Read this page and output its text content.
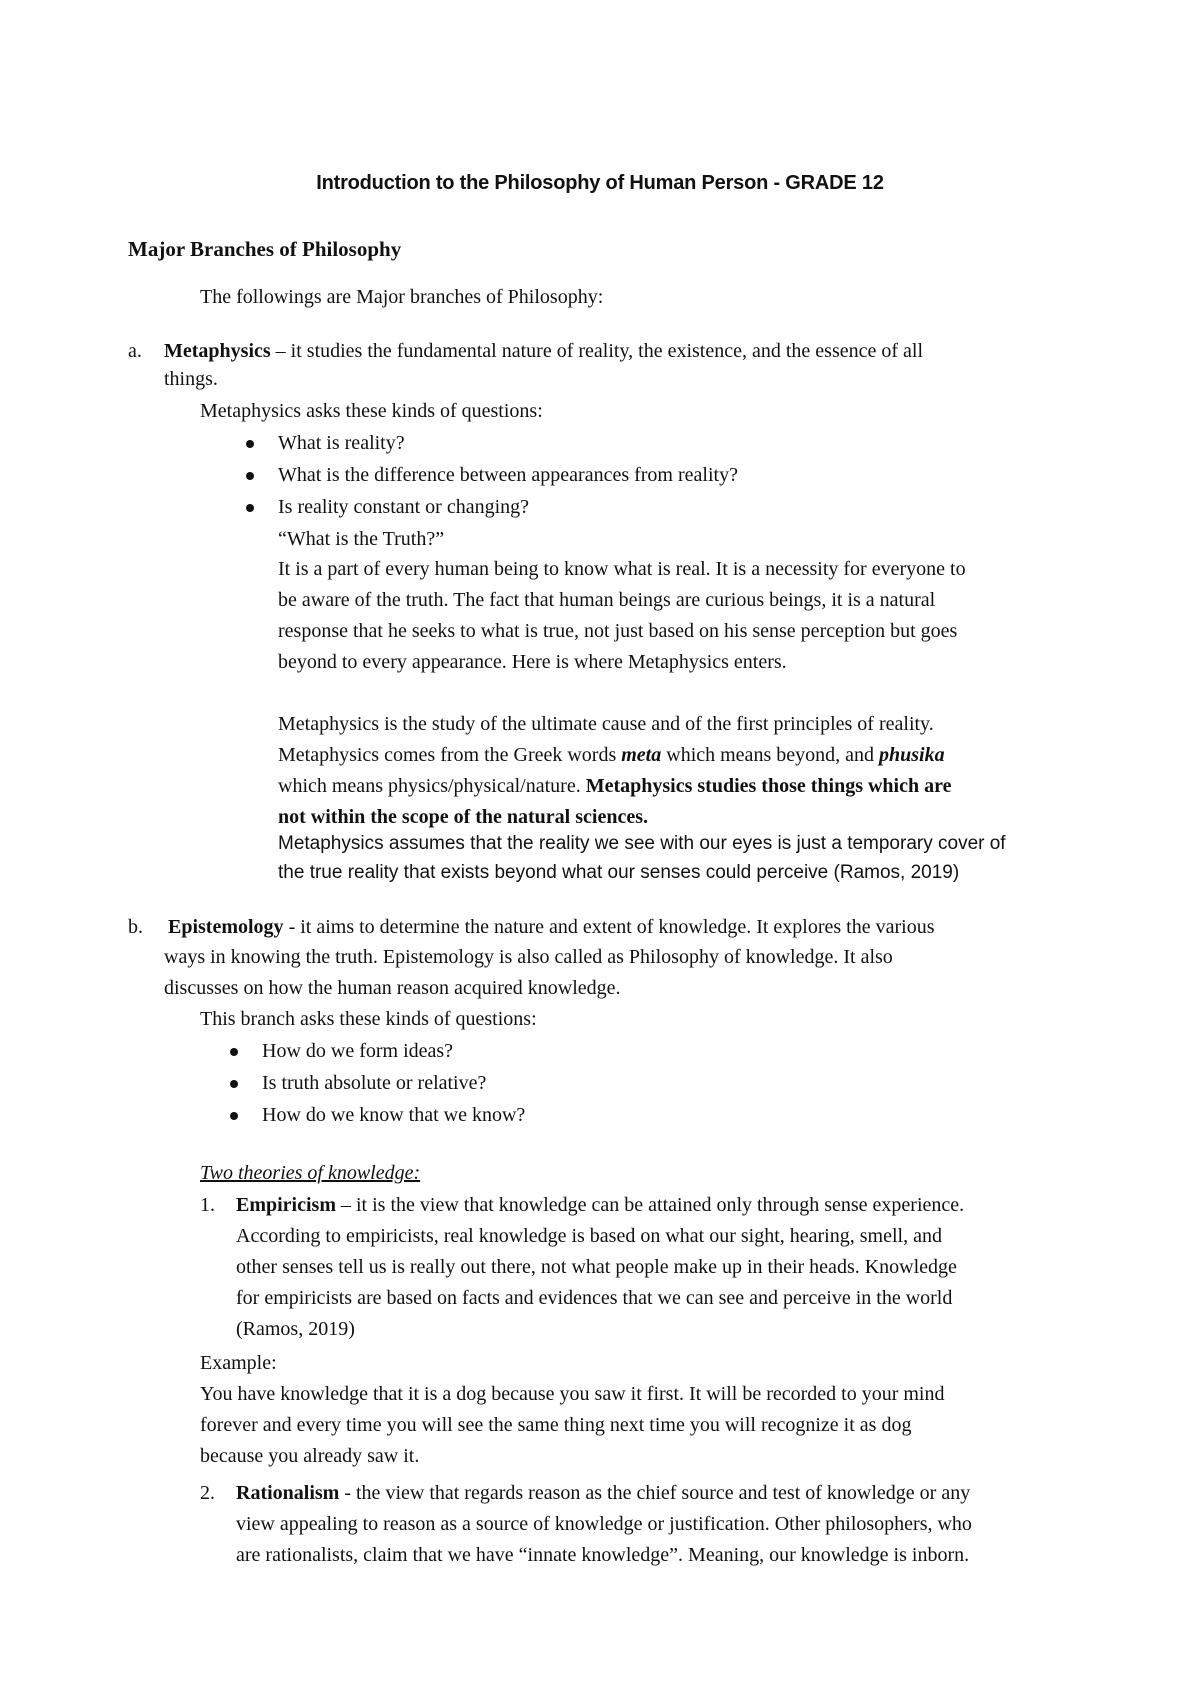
Introduction to the Philosophy of Human Person - GRADE 12
Major Branches of Philosophy
The followings are Major branches of Philosophy:
a. Metaphysics – it studies the fundamental nature of reality, the existence, and the essence of all
things.
Metaphysics asks these kinds of questions:
What is reality?
What is the difference between appearances from reality?
Is reality constant or changing?
“What is the Truth?”
It is a part of every human being to know what is real. It is a necessity for everyone to
be aware of the truth. The fact that human beings are curious beings, it is a natural
response that he seeks to what is true, not just based on his sense perception but goes
beyond to every appearance. Here is where Metaphysics enters.
Metaphysics is the study of the ultimate cause and of the first principles of reality.
Metaphysics comes from the Greek words meta which means beyond, and phusika
which means physics/physical/nature. Metaphysics studies those things which are
not within the scope of the natural sciences.
Metaphysics assumes that the reality we see with our eyes is just a temporary cover of
the true reality that exists beyond what our senses could perceive (Ramos, 2019)
b. Epistemology - it aims to determine the nature and extent of knowledge. It explores the various
ways in knowing the truth. Epistemology is also called as Philosophy of knowledge. It also
discusses on how the human reason acquired knowledge.
This branch asks these kinds of questions:
How do we form ideas?
Is truth absolute or relative?
How do we know that we know?
Two theories of knowledge:
1. Empiricism – it is the view that knowledge can be attained only through sense experience.
According to empiricists, real knowledge is based on what our sight, hearing, smell, and
other senses tell us is really out there, not what people make up in their heads. Knowledge
for empiricists are based on facts and evidences that we can see and perceive in the world
(Ramos, 2019)
Example:
You have knowledge that it is a dog because you saw it first. It will be recorded to your mind
forever and every time you will see the same thing next time you will recognize it as dog
because you already saw it.
2. Rationalism - the view that regards reason as the chief source and test of knowledge or any
view appealing to reason as a source of knowledge or justification. Other philosophers, who
are rationalists, claim that we have “innate knowledge”. Meaning, our knowledge is inborn.
